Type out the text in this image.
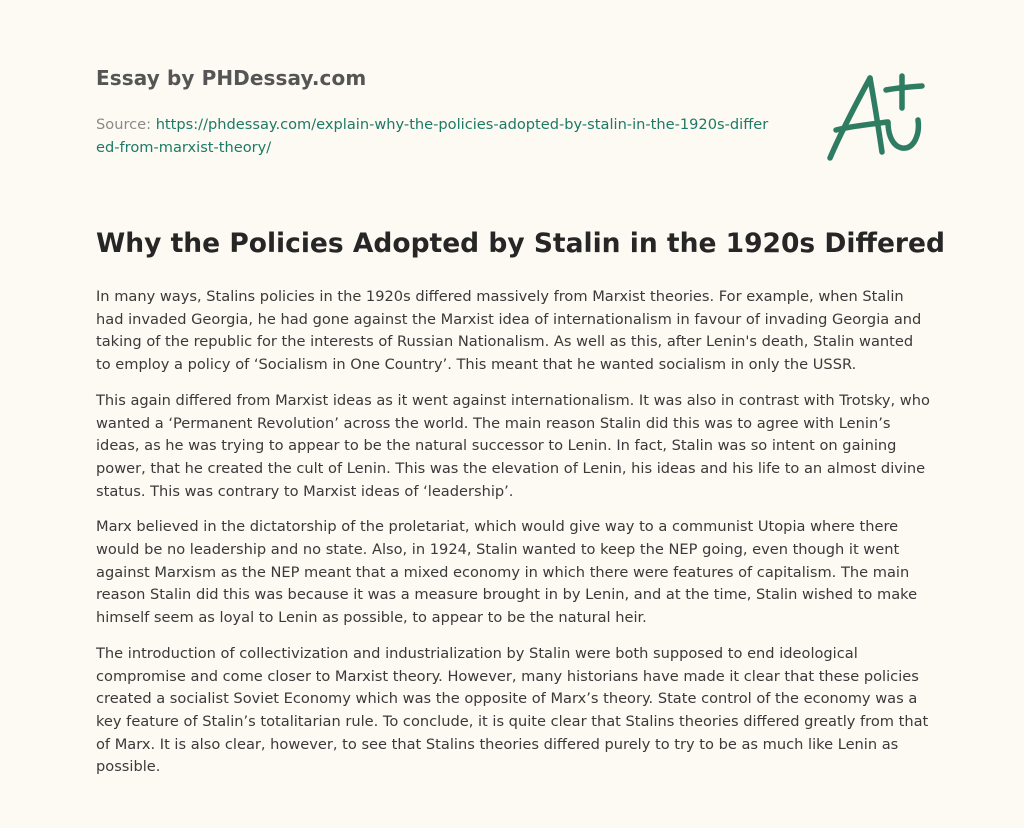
Essay by PHDessay.com
Source: https://phdessay.com/explain-why-the-policies-adopted-by-stalin-in-the-1920s-differed-from-marxist-theory/
Why the Policies Adopted by Stalin in the 1920s Differed

In many ways, Stalins policies in the 1920s differed massively from Marxist theories. For example, when Stalin had invaded Georgia, he had gone against the Marxist idea of internationalism in favour of invading Georgia and taking of the republic for the interests of Russian Nationalism. As well as this, after Lenin's death, Stalin wanted to employ a policy of ‘Socialism in One Country’. This meant that he wanted socialism in only the USSR.

This again differed from Marxist ideas as it went against internationalism. It was also in contrast with Trotsky, who wanted a ‘Permanent Revolution’ across the world. The main reason Stalin did this was to agree with Lenin’s ideas, as he was trying to appear to be the natural successor to Lenin. In fact, Stalin was so intent on gaining power, that he created the cult of Lenin. This was the elevation of Lenin, his ideas and his life to an almost divine status. This was contrary to Marxist ideas of ‘leadership’.

Marx believed in the dictatorship of the proletariat, which would give way to a communist Utopia where there would be no leadership and no state. Also, in 1924, Stalin wanted to keep the NEP going, even though it went against Marxism as the NEP meant that a mixed economy in which there were features of capitalism. The main reason Stalin did this was because it was a measure brought in by Lenin, and at the time, Stalin wished to make himself seem as loyal to Lenin as possible, to appear to be the natural heir.

The introduction of collectivization and industrialization by Stalin were both supposed to end ideological compromise and come closer to Marxist theory. However, many historians have made it clear that these policies created a socialist Soviet Economy which was the opposite of Marx’s theory. State control of the economy was a key feature of Stalin’s totalitarian rule. To conclude, it is quite clear that Stalins theories differed greatly from that of Marx. It is also clear, however, to see that Stalins theories differed purely to try to be as much like Lenin as possible.
